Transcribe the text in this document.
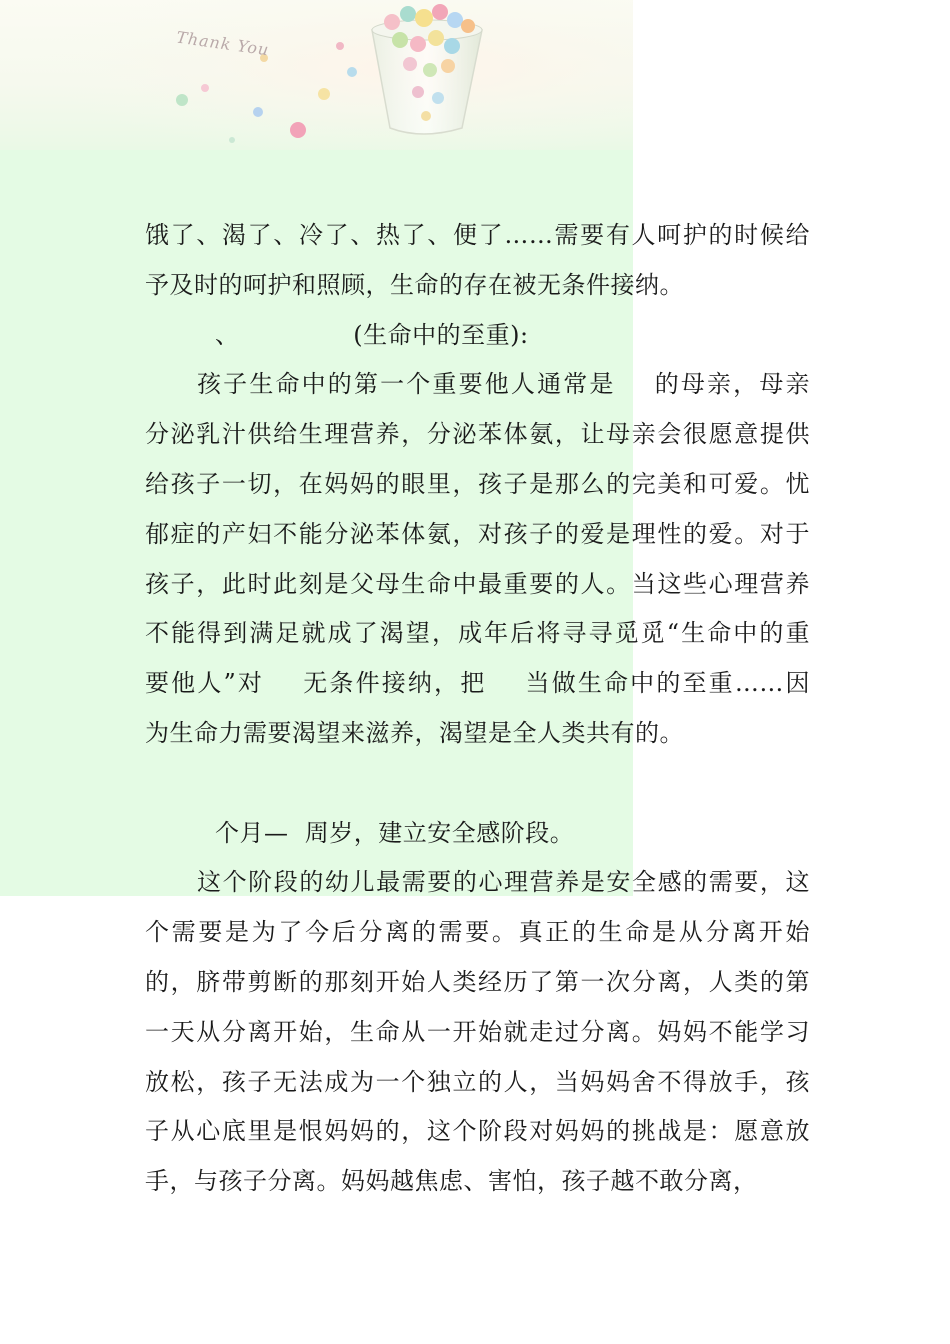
Thank You
饿了、渴了、冷了、热了、便了……需要有人呵护的时候给
予及时的呵护和照顾，生命的存在被无条件接纳。
、              (生命中的至重):
孩子生命中的第一个重要他人通常是    的母亲，母亲
分泌乳汁供给生理营养，分泌苯体氨，让母亲会很愿意提供
给孩子一切，在妈妈的眼里，孩子是那么的完美和可爱。忧
郁症的产妇不能分泌苯体氨，对孩子的爱是理性的爱。对于
孩子，此时此刻是父母生命中最重要的人。当这些心理营养
不能得到满足就成了渴望，成年后将寻寻觅觅“生命中的重
要他人”对    无条件接纳，把    当做生命中的至重……因
为生命力需要渴望来滋养，渴望是全人类共有的。
个月—  周岁，建立安全感阶段。
这个阶段的幼儿最需要的心理营养是安全感的需要，这
个需要是为了今后分离的需要。真正的生命是从分离开始
的，脐带剪断的那刻开始人类经历了第一次分离，人类的第
一天从分离开始，生命从一开始就走过分离。妈妈不能学习
放松，孩子无法成为一个独立的人，当妈妈舍不得放手，孩
子从心底里是恨妈妈的，这个阶段对妈妈的挑战是：愿意放
手，与孩子分离。妈妈越焦虑、害怕，孩子越不敢分离，
